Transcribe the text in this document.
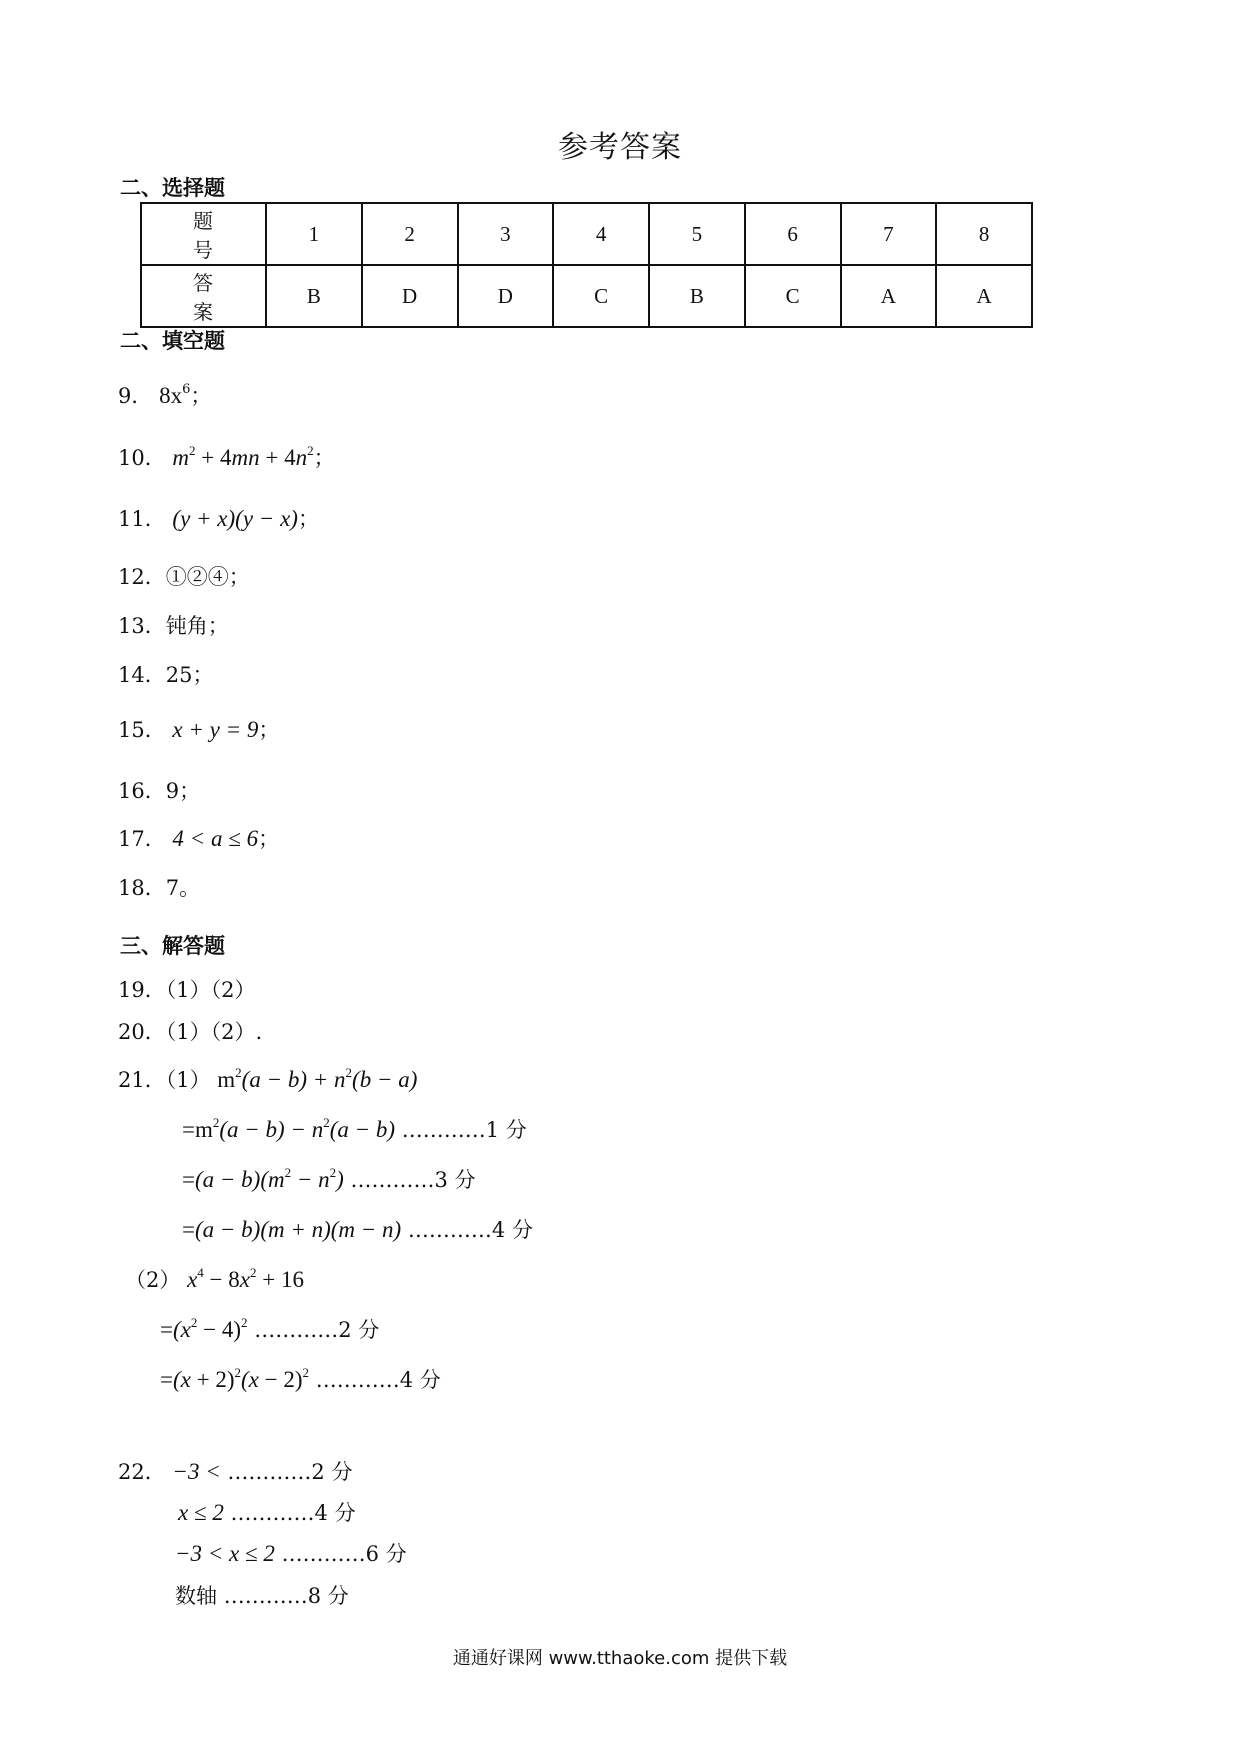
参考答案
二、选择题
题　号	1	2	3	4	5	6	7	8
答　案	B	D	D	C	B	C	A	A
二、填空题
9． $8x^6$；
10． $m^2 + 4mn + 4n^2$；
11． (y + x)(y − x)；
12．①②④；
13．钝角；
14．25；
15． x + y = 9；
16．9；
17． 4 < a ≤ 6；
18．7。
三、解答题
19．（1）（2）
20．（1）（2）.
21．（1） $m^2(a - b) + n^2(b - a)$
$=m^2(a - b) - n^2(a - b)$ …………1 分
$=(a - b)(m^2 - n^2)$ …………3 分
=(a − b)(m + n)(m − n) …………4 分
（2） $x^4 - 8x^2 + 16$
$=(x^2 - 4)^2$ …………2 分
$=(x + 2)^2(x - 2)^2$ …………4 分
22． −3 < …………2 分
x ≤ 2 …………4 分
−3 < x ≤ 2 …………6 分
数轴 …………8 分
通通好课网 www.tthaoke.com 提供下载
